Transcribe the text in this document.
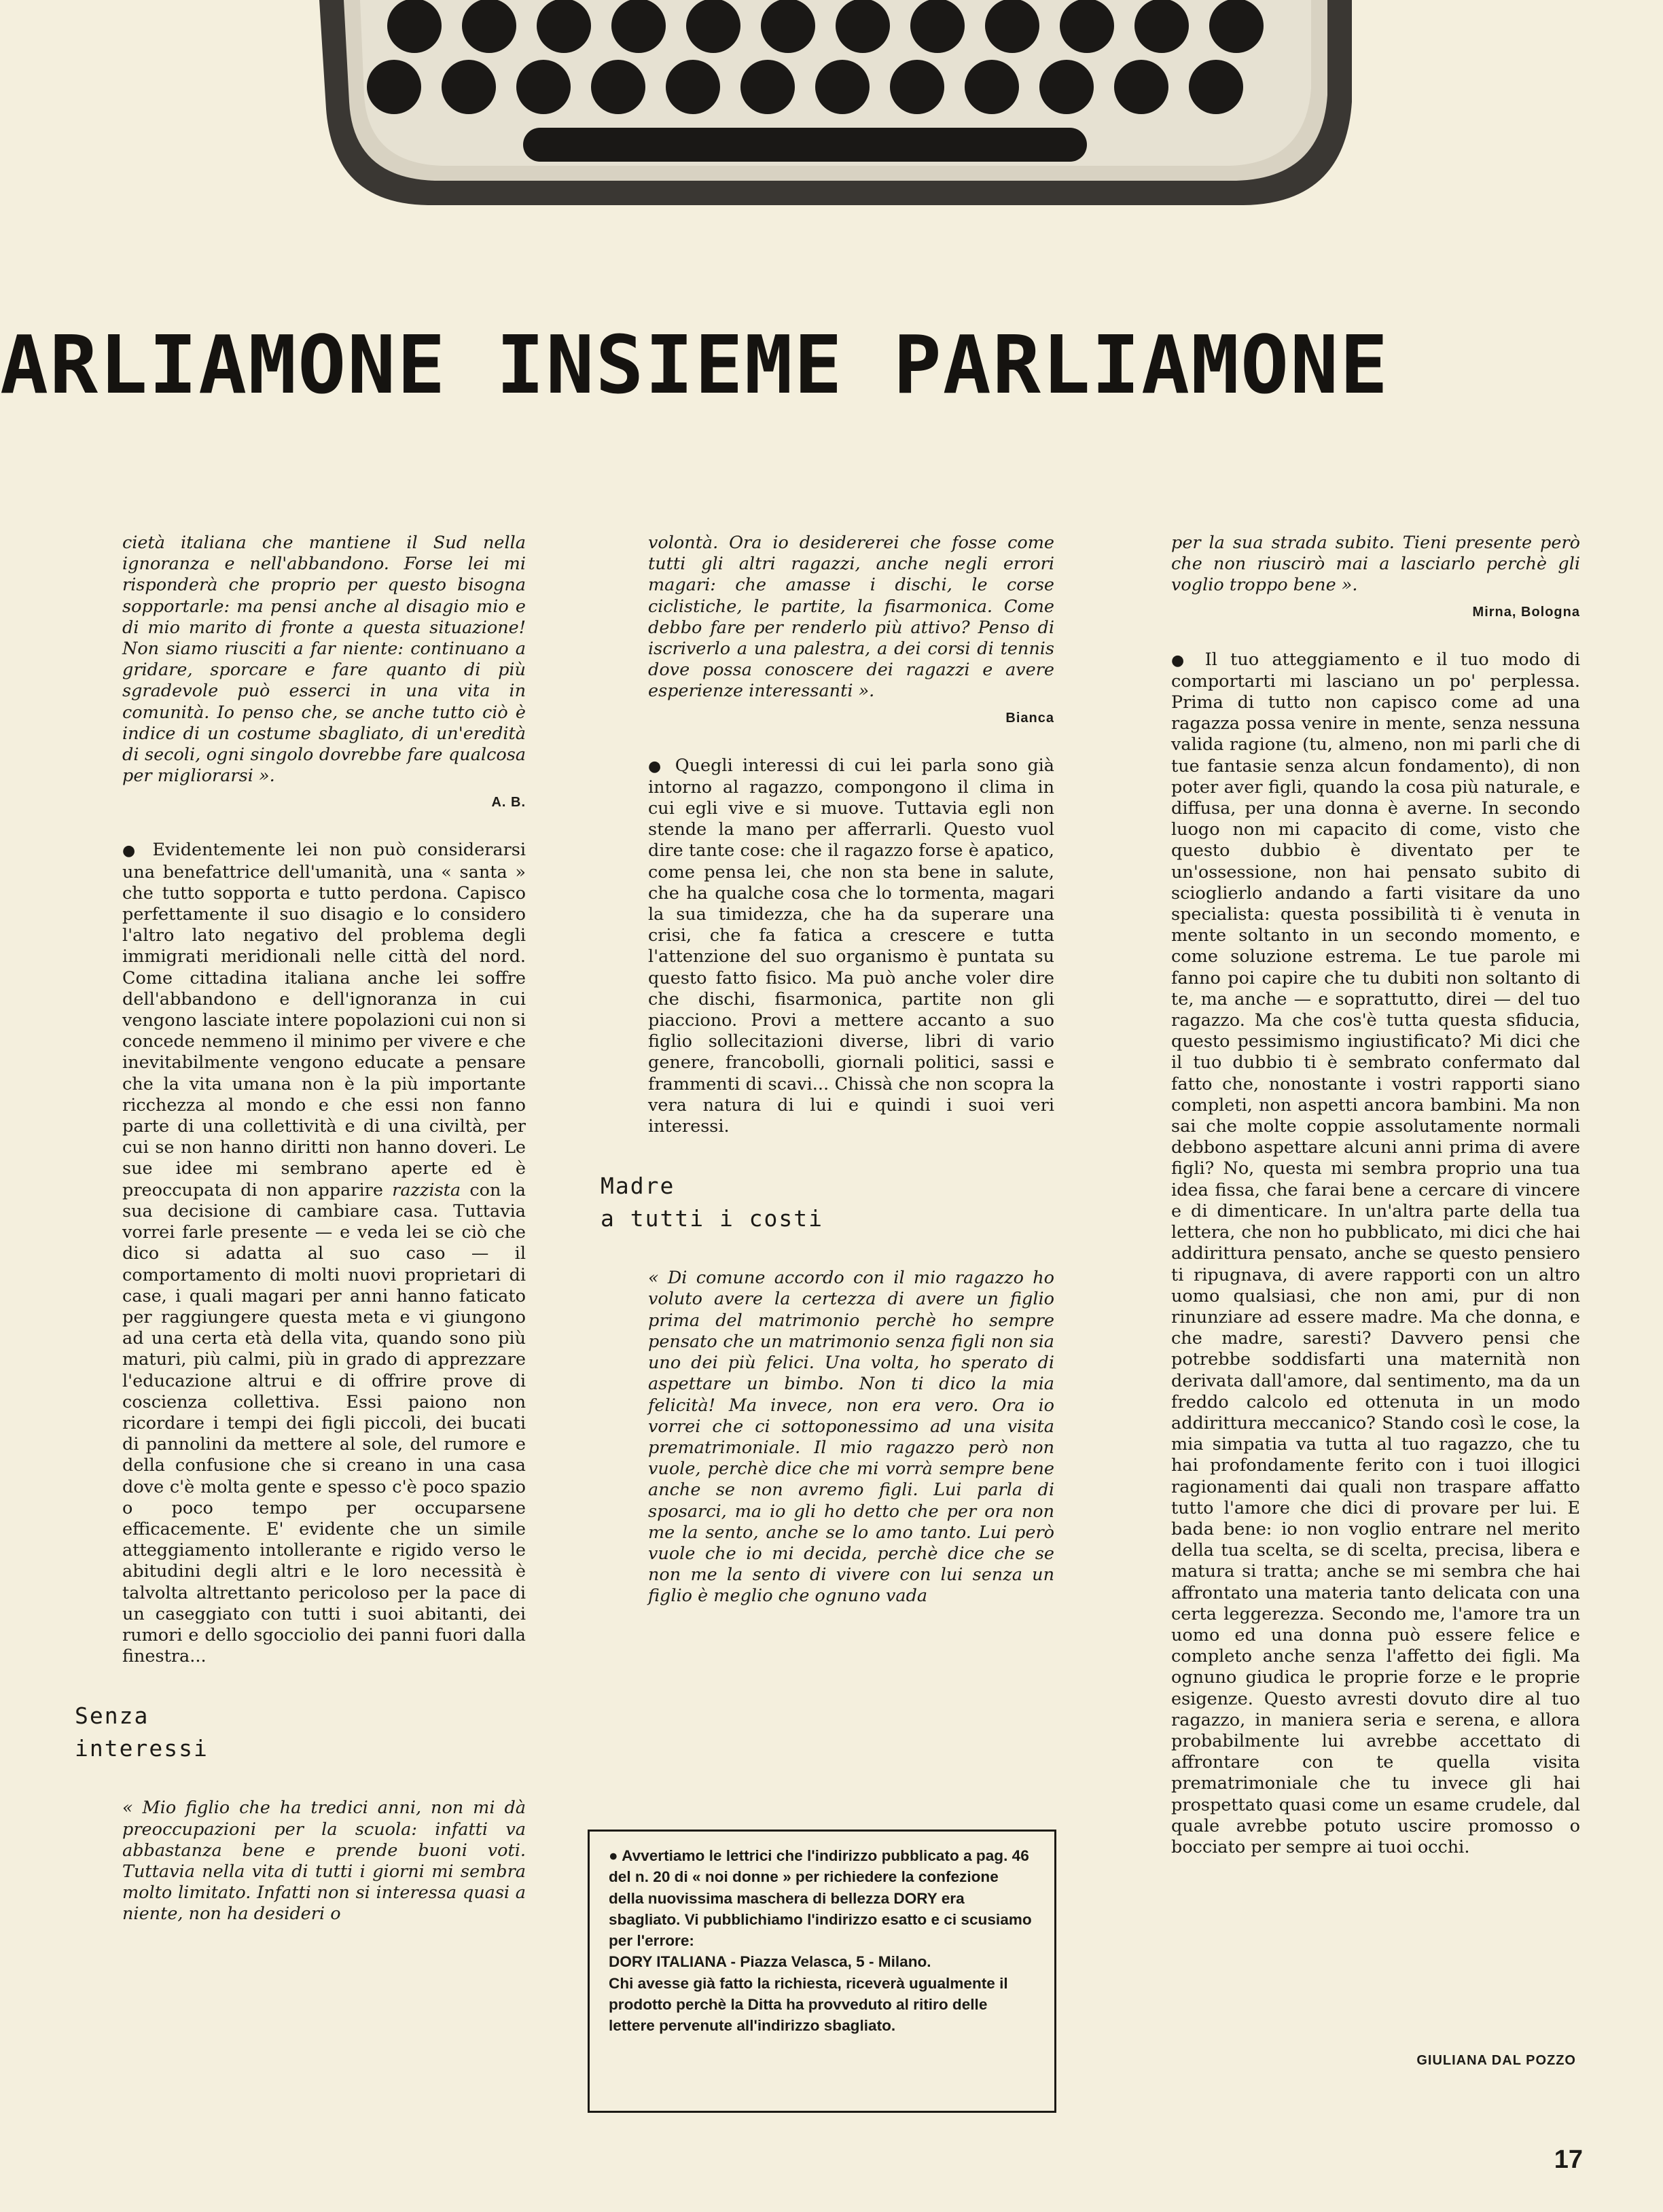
ARLIAMONE INSIEME PARLIAMONE

cietà italiana che mantiene il Sud nella ignoranza e nell'abbandono. Forse lei mi risponderà che proprio per questo bisogna sopportarle: ma pensi anche al disagio mio e di mio marito di fronte a questa situazione! Non siamo riusciti a far niente: continuano a gridare, sporcare e fare quanto di più sgradevole può esserci in una vita in comunità. Io penso che, se anche tutto ciò è indice di un costume sbagliato, di un'eredità di secoli, ogni singolo dovrebbe fare qualcosa per migliorarsi ».

A. B.

● Evidentemente lei non può considerarsi una benefattrice dell'umanità, una « santa » che tutto sopporta e tutto perdona. Capisco perfettamente il suo disagio e lo considero l'altro lato negativo del problema degli immigrati meridionali nelle città del nord. Come cittadina italiana anche lei soffre dell'abbandono e dell'ignoranza in cui vengono lasciate intere popolazioni cui non si concede nemmeno il minimo per vivere e che inevitabilmente vengono educate a pensare che la vita umana non è la più importante ricchezza al mondo e che essi non fanno parte di una collettività e di una civiltà, per cui se non hanno diritti non hanno doveri. Le sue idee mi sembrano aperte ed è preoccupata di non apparire razzista con la sua decisione di cambiare casa. Tuttavia vorrei farle presente — e veda lei se ciò che dico si adatta al suo caso — il comportamento di molti nuovi proprietari di case, i quali magari per anni hanno faticato per raggiungere questa meta e vi giungono ad una certa età della vita, quando sono più maturi, più calmi, più in grado di apprezzare l'educazione altrui e di offrire prove di coscienza collettiva. Essi paiono non ricordare i tempi dei figli piccoli, dei bucati di pannolini da mettere al sole, del rumore e della confusione che si creano in una casa dove c'è molta gente e spesso c'è poco spazio o poco tempo per occuparsene efficacemente. E' evidente che un simile atteggiamento intollerante e rigido verso le abitudini degli altri e le loro necessità è talvolta altrettanto pericoloso per la pace di un caseggiato con tutti i suoi abitanti, dei rumori e dello sgocciolio dei panni fuori dalla finestra...

Senza
interessi

« Mio figlio che ha tredici anni, non mi dà preoccupazioni per la scuola: infatti va abbastanza bene e prende buoni voti. Tuttavia nella vita di tutti i giorni mi sembra molto limitato. Infatti non si interessa quasi a niente, non ha desideri o

volontà. Ora io desidererei che fosse come tutti gli altri ragazzi, anche negli errori magari: che amasse i dischi, le corse ciclistiche, le partite, la fisarmonica. Come debbo fare per renderlo più attivo? Penso di iscriverlo a una palestra, a dei corsi di tennis dove possa conoscere dei ragazzi e avere esperienze interessanti ».

Bianca

● Quegli interessi di cui lei parla sono già intorno al ragazzo, compongono il clima in cui egli vive e si muove. Tuttavia egli non stende la mano per afferrarli. Questo vuol dire tante cose: che il ragazzo forse è apatico, come pensa lei, che non sta bene in salute, che ha qualche cosa che lo tormenta, magari la sua timidezza, che ha da superare una crisi, che fa fatica a crescere e tutta l'attenzione del suo organismo è puntata su questo fatto fisico. Ma può anche voler dire che dischi, fisarmonica, partite non gli piacciono. Provi a mettere accanto a suo figlio sollecitazioni diverse, libri di vario genere, francobolli, giornali politici, sassi e frammenti di scavi... Chissà che non scopra la vera natura di lui e quindi i suoi veri interessi.

Madre
a tutti i costi

« Di comune accordo con il mio ragazzo ho voluto avere la certezza di avere un figlio prima del matrimonio perchè ho sempre pensato che un matrimonio senza figli non sia uno dei più felici. Una volta, ho sperato di aspettare un bimbo. Non ti dico la mia felicità! Ma invece, non era vero. Ora io vorrei che ci sottoponessimo ad una visita prematrimoniale. Il mio ragazzo però non vuole, perchè dice che mi vorrà sempre bene anche se non avremo figli. Lui parla di sposarci, ma io gli ho detto che per ora non me la sento, anche se lo amo tanto. Lui però vuole che io mi decida, perchè dice che se non me la sento di vivere con lui senza un figlio è meglio che ognuno vada

per la sua strada subito. Tieni presente però che non riuscirò mai a lasciarlo perchè gli voglio troppo bene ».

Mirna, Bologna

● Il tuo atteggiamento e il tuo modo di comportarti mi lasciano un po' perplessa. Prima di tutto non capisco come ad una ragazza possa venire in mente, senza nessuna valida ragione (tu, almeno, non mi parli che di tue fantasie senza alcun fondamento), di non poter aver figli, quando la cosa più naturale, e diffusa, per una donna è averne. In secondo luogo non mi capacito di come, visto che questo dubbio è diventato per te un'ossessione, non hai pensato subito di scioglierlo andando a farti visitare da uno specialista: questa possibilità ti è venuta in mente soltanto in un secondo momento, e come soluzione estrema. Le tue parole mi fanno poi capire che tu dubiti non soltanto di te, ma anche — e soprattutto, direi — del tuo ragazzo. Ma che cos'è tutta questa sfiducia, questo pessimismo ingiustificato? Mi dici che il tuo dubbio ti è sembrato confermato dal fatto che, nonostante i vostri rapporti siano completi, non aspetti ancora bambini. Ma non sai che molte coppie assolutamente normali debbono aspettare alcuni anni prima di avere figli? No, questa mi sembra proprio una tua idea fissa, che farai bene a cercare di vincere e di dimenticare. In un'altra parte della tua lettera, che non ho pubblicato, mi dici che hai addirittura pensato, anche se questo pensiero ti ripugnava, di avere rapporti con un altro uomo qualsiasi, che non ami, pur di non rinunziare ad essere madre. Ma che donna, e che madre, saresti? Davvero pensi che potrebbe soddisfarti una maternità non derivata dall'amore, dal sentimento, ma da un freddo calcolo ed ottenuta in un modo addirittura meccanico? Stando così le cose, la mia simpatia va tutta al tuo ragazzo, che tu hai profondamente ferito con i tuoi illogici ragionamenti dai quali non traspare affatto tutto l'amore che dici di provare per lui. E bada bene: io non voglio entrare nel merito della tua scelta, se di scelta, precisa, libera e matura si tratta; anche se mi sembra che hai affrontato una materia tanto delicata con una certa leggerezza. Secondo me, l'amore tra un uomo ed una donna può essere felice e completo anche senza l'affetto dei figli. Ma ognuno giudica le proprie forze e le proprie esigenze. Questo avresti dovuto dire al tuo ragazzo, in maniera seria e serena, e allora probabilmente lui avrebbe accettato di affrontare con te quella visita prematrimoniale che tu invece gli hai prospettato quasi come un esame crudele, dal quale avrebbe potuto uscire promosso o bocciato per sempre ai tuoi occhi.

● Avvertiamo le lettrici che l'indirizzo pubblicato a pag. 46 del n. 20 di « noi donne » per richiedere la confezione della nuovissima maschera di bellezza DORY era sbagliato. Vi pubblichiamo l'indirizzo esatto e ci scusiamo per l'errore:

DORY ITALIANA - Piazza Velasca, 5 - Milano.

Chi avesse già fatto la richiesta, riceverà ugualmente il prodotto perchè la Ditta ha provveduto al ritiro delle lettere pervenute all'indirizzo sbagliato.

GIULIANA DAL POZZO
17
